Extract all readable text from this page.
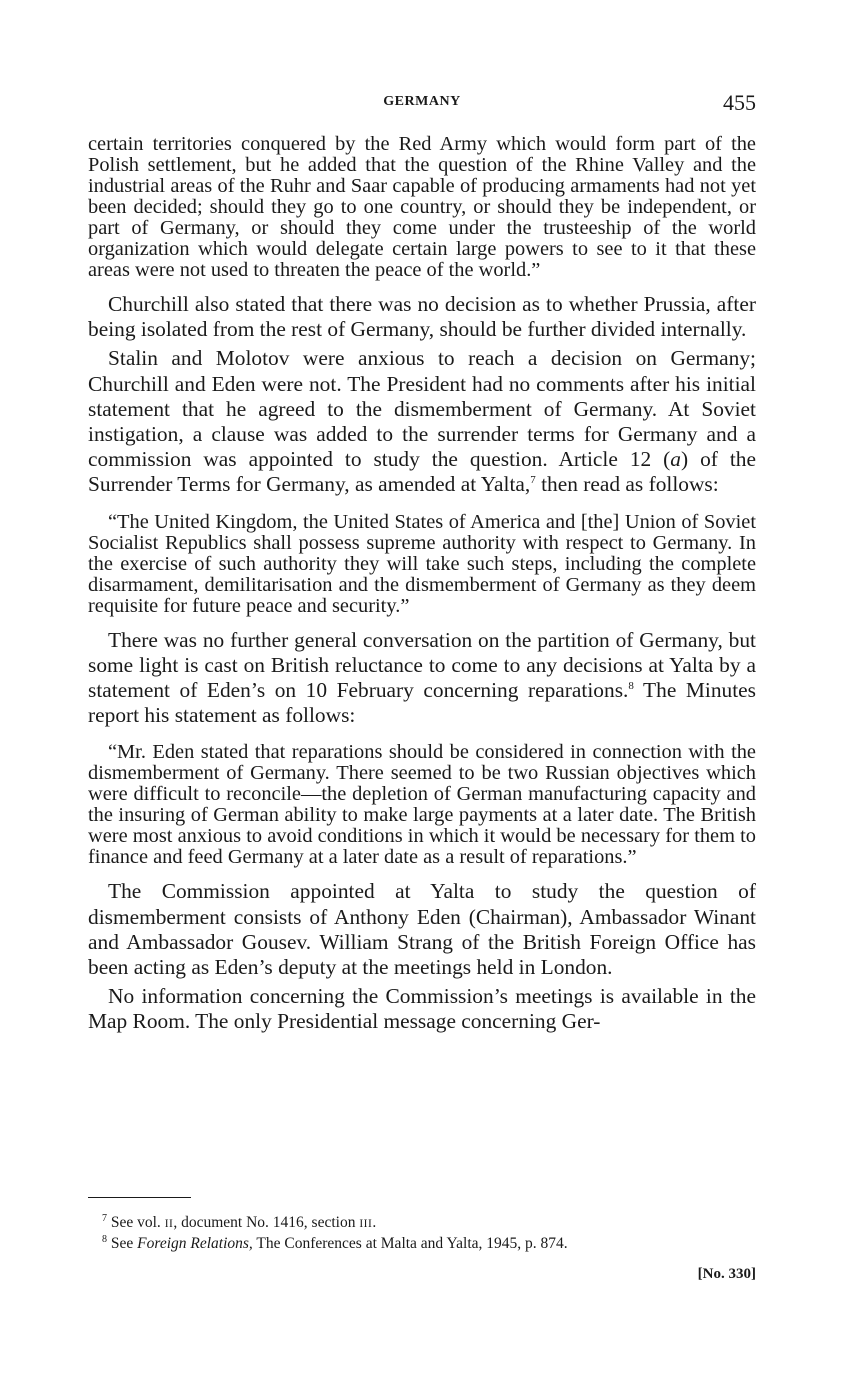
GERMANY	455

certain territories conquered by the Red Army which would form part of the Polish settlement, but he added that the question of the Rhine Valley and the industrial areas of the Ruhr and Saar capable of producing armaments had not yet been decided; should they go to one country, or should they be independent, or part of Germany, or should they come under the trusteeship of the world organization which would delegate certain large powers to see to it that these areas were not used to threaten the peace of the world.”

Churchill also stated that there was no decision as to whether Prussia, after being isolated from the rest of Germany, should be further divided internally.

Stalin and Molotov were anxious to reach a decision on Germany; Churchill and Eden were not. The President had no comments after his initial statement that he agreed to the dismemberment of Germany. At Soviet instigation, a clause was added to the surrender terms for Germany and a commission was appointed to study the question. Article 12 (a) of the Surrender Terms for Germany, as amended at Yalta,$^7$ then read as follows:

“The United Kingdom, the United States of America and [the] Union of Soviet Socialist Republics shall possess supreme authority with respect to Germany. In the exercise of such authority they will take such steps, including the complete disarmament, demilitarisation and the dismemberment of Germany as they deem requisite for future peace and security.”

There was no further general conversation on the partition of Germany, but some light is cast on British reluctance to come to any decisions at Yalta by a statement of Eden’s on 10 February concerning reparations.$^8$ The Minutes report his statement as follows:

“Mr. Eden stated that reparations should be considered in connection with the dismemberment of Germany. There seemed to be two Russian objectives which were difficult to reconcile—the depletion of German manufacturing capacity and the insuring of German ability to make large payments at a later date. The British were most anxious to avoid conditions in which it would be necessary for them to finance and feed Germany at a later date as a result of reparations.”

The Commission appointed at Yalta to study the question of dismemberment consists of Anthony Eden (Chairman), Ambassador Winant and Ambassador Gousev. William Strang of the British Foreign Office has been acting as Eden’s deputy at the meetings held in London.

No information concerning the Commission’s meetings is available in the Map Room. The only Presidential message concerning Ger-

$^7$ See vol. II, document No. 1416, section III.
$^8$ See Foreign Relations, The Conferences at Malta and Yalta, 1945, p. 874.
[No. 330]
